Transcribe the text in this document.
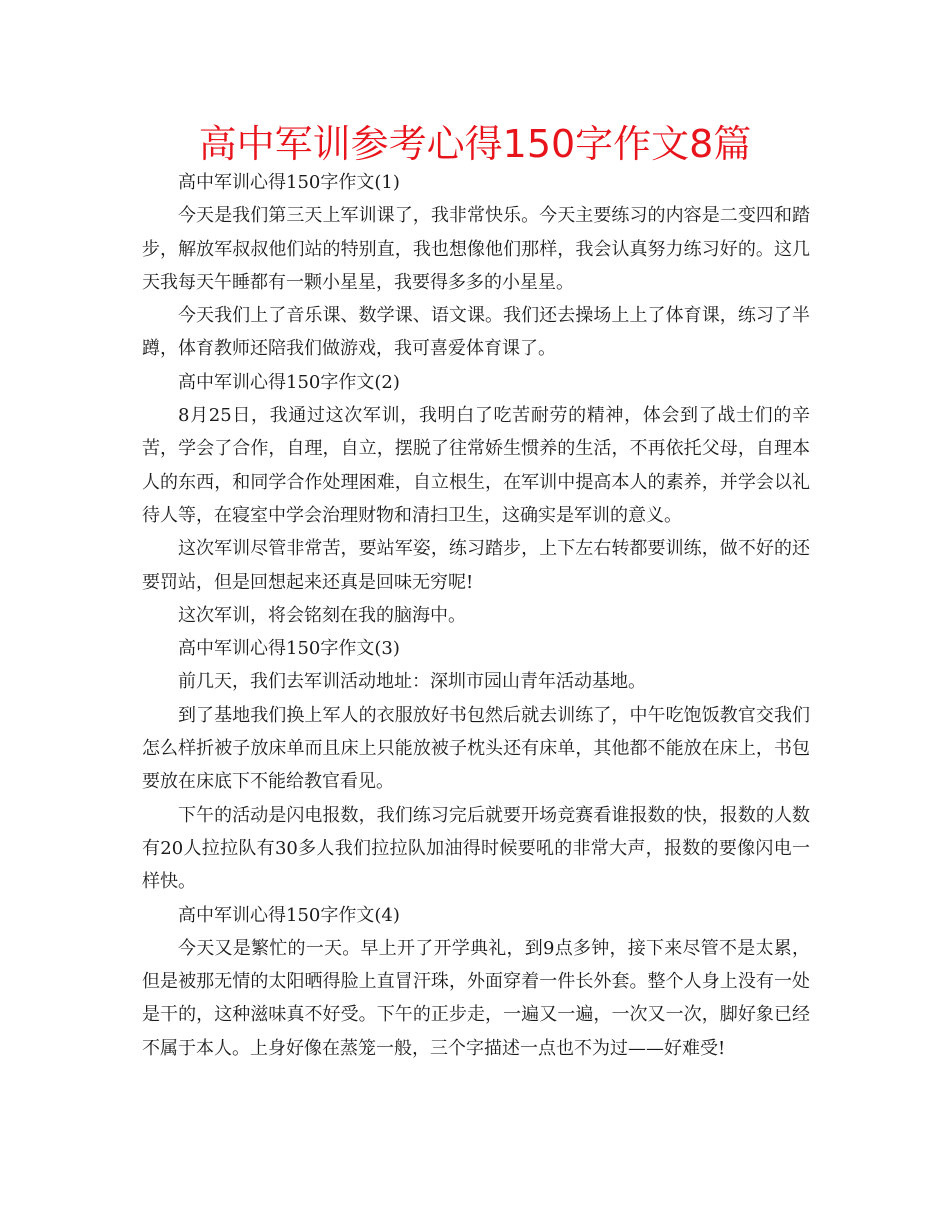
高中军训参考心得150字作文8篇

高中军训心得150字作文(1)

今天是我们第三天上军训课了，我非常快乐。今天主要练习的内容是二变四和踏步，解放军叔叔他们站的特别直，我也想像他们那样，我会认真努力练习好的。这几天我每天午睡都有一颗小星星，我要得多多的小星星。

今天我们上了音乐课、数学课、语文课。我们还去操场上上了体育课，练习了半蹲，体育教师还陪我们做游戏，我可喜爱体育课了。

高中军训心得150字作文(2)

8月25日，我通过这次军训，我明白了吃苦耐劳的精神，体会到了战士们的辛苦，学会了合作，自理，自立，摆脱了往常娇生惯养的生活，不再依托父母，自理本人的东西，和同学合作处理困难，自立根生，在军训中提高本人的素养，并学会以礼待人等，在寝室中学会治理财物和清扫卫生，这确实是军训的意义。

这次军训尽管非常苦，要站军姿，练习踏步，上下左右转都要训练，做不好的还要罚站，但是回想起来还真是回味无穷呢!

这次军训，将会铭刻在我的脑海中。

高中军训心得150字作文(3)

前几天，我们去军训活动地址：深圳市园山青年活动基地。

到了基地我们换上军人的衣服放好书包然后就去训练了，中午吃饱饭教官交我们怎么样折被子放床单而且床上只能放被子枕头还有床单，其他都不能放在床上，书包要放在床底下不能给教官看见。

下午的活动是闪电报数，我们练习完后就要开场竞赛看谁报数的快，报数的人数有20人拉拉队有30多人我们拉拉队加油得时候要吼的非常大声，报数的要像闪电一样快。

高中军训心得150字作文(4)

今天又是繁忙的一天。早上开了开学典礼，到9点多钟，接下来尽管不是太累，但是被那无情的太阳晒得脸上直冒汗珠，外面穿着一件长外套。整个人身上没有一处是干的，这种滋味真不好受。下午的正步走，一遍又一遍，一次又一次，脚好象已经不属于本人。上身好像在蒸笼一般，三个字描述一点也不为过——好难受!
